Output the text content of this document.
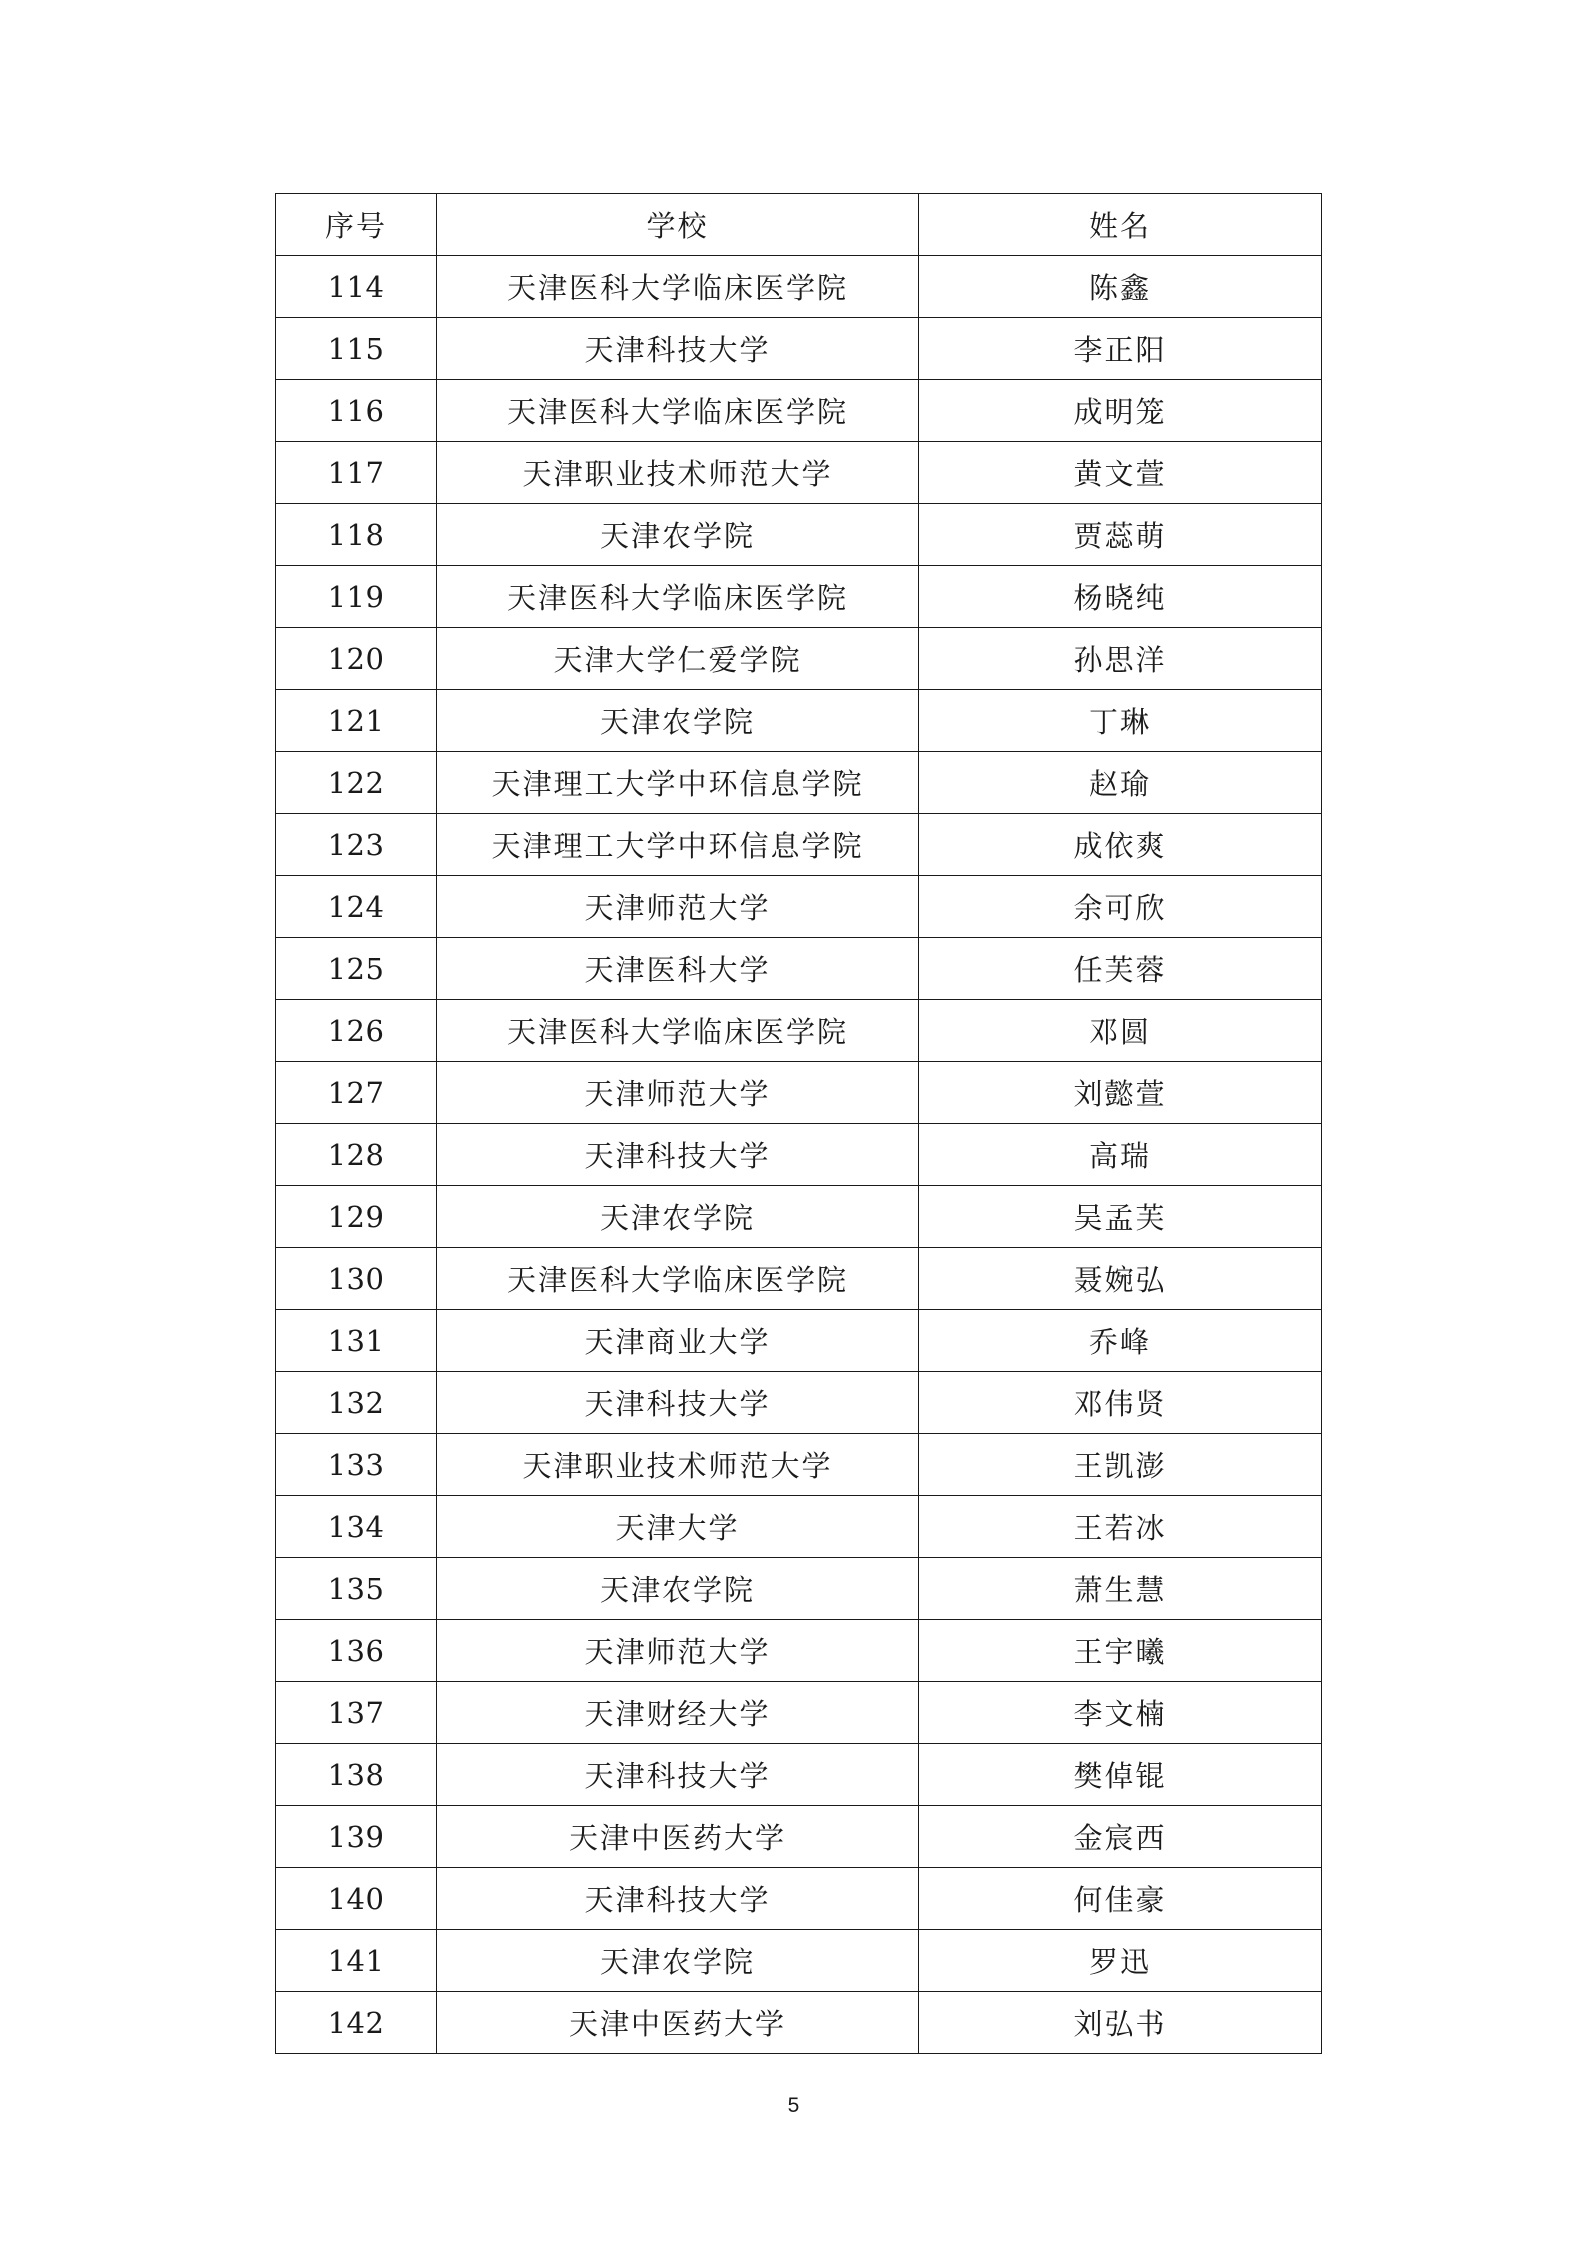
序号	学校	姓名
114	天津医科大学临床医学院	陈鑫
115	天津科技大学	李正阳
116	天津医科大学临床医学院	成明笼
117	天津职业技术师范大学	黄文萱
118	天津农学院	贾蕊萌
119	天津医科大学临床医学院	杨晓纯
120	天津大学仁爱学院	孙思洋
121	天津农学院	丁琳
122	天津理工大学中环信息学院	赵瑜
123	天津理工大学中环信息学院	成依爽
124	天津师范大学	余可欣
125	天津医科大学	任芙蓉
126	天津医科大学临床医学院	邓圆
127	天津师范大学	刘懿萱
128	天津科技大学	高瑞
129	天津农学院	吴孟芙
130	天津医科大学临床医学院	聂婉弘
131	天津商业大学	乔峰
132	天津科技大学	邓伟贤
133	天津职业技术师范大学	王凯澎
134	天津大学	王若冰
135	天津农学院	萧生慧
136	天津师范大学	王宇曦
137	天津财经大学	李文楠
138	天津科技大学	樊倬锟
139	天津中医药大学	金宸西
140	天津科技大学	何佳豪
141	天津农学院	罗迅
142	天津中医药大学	刘弘书
5
